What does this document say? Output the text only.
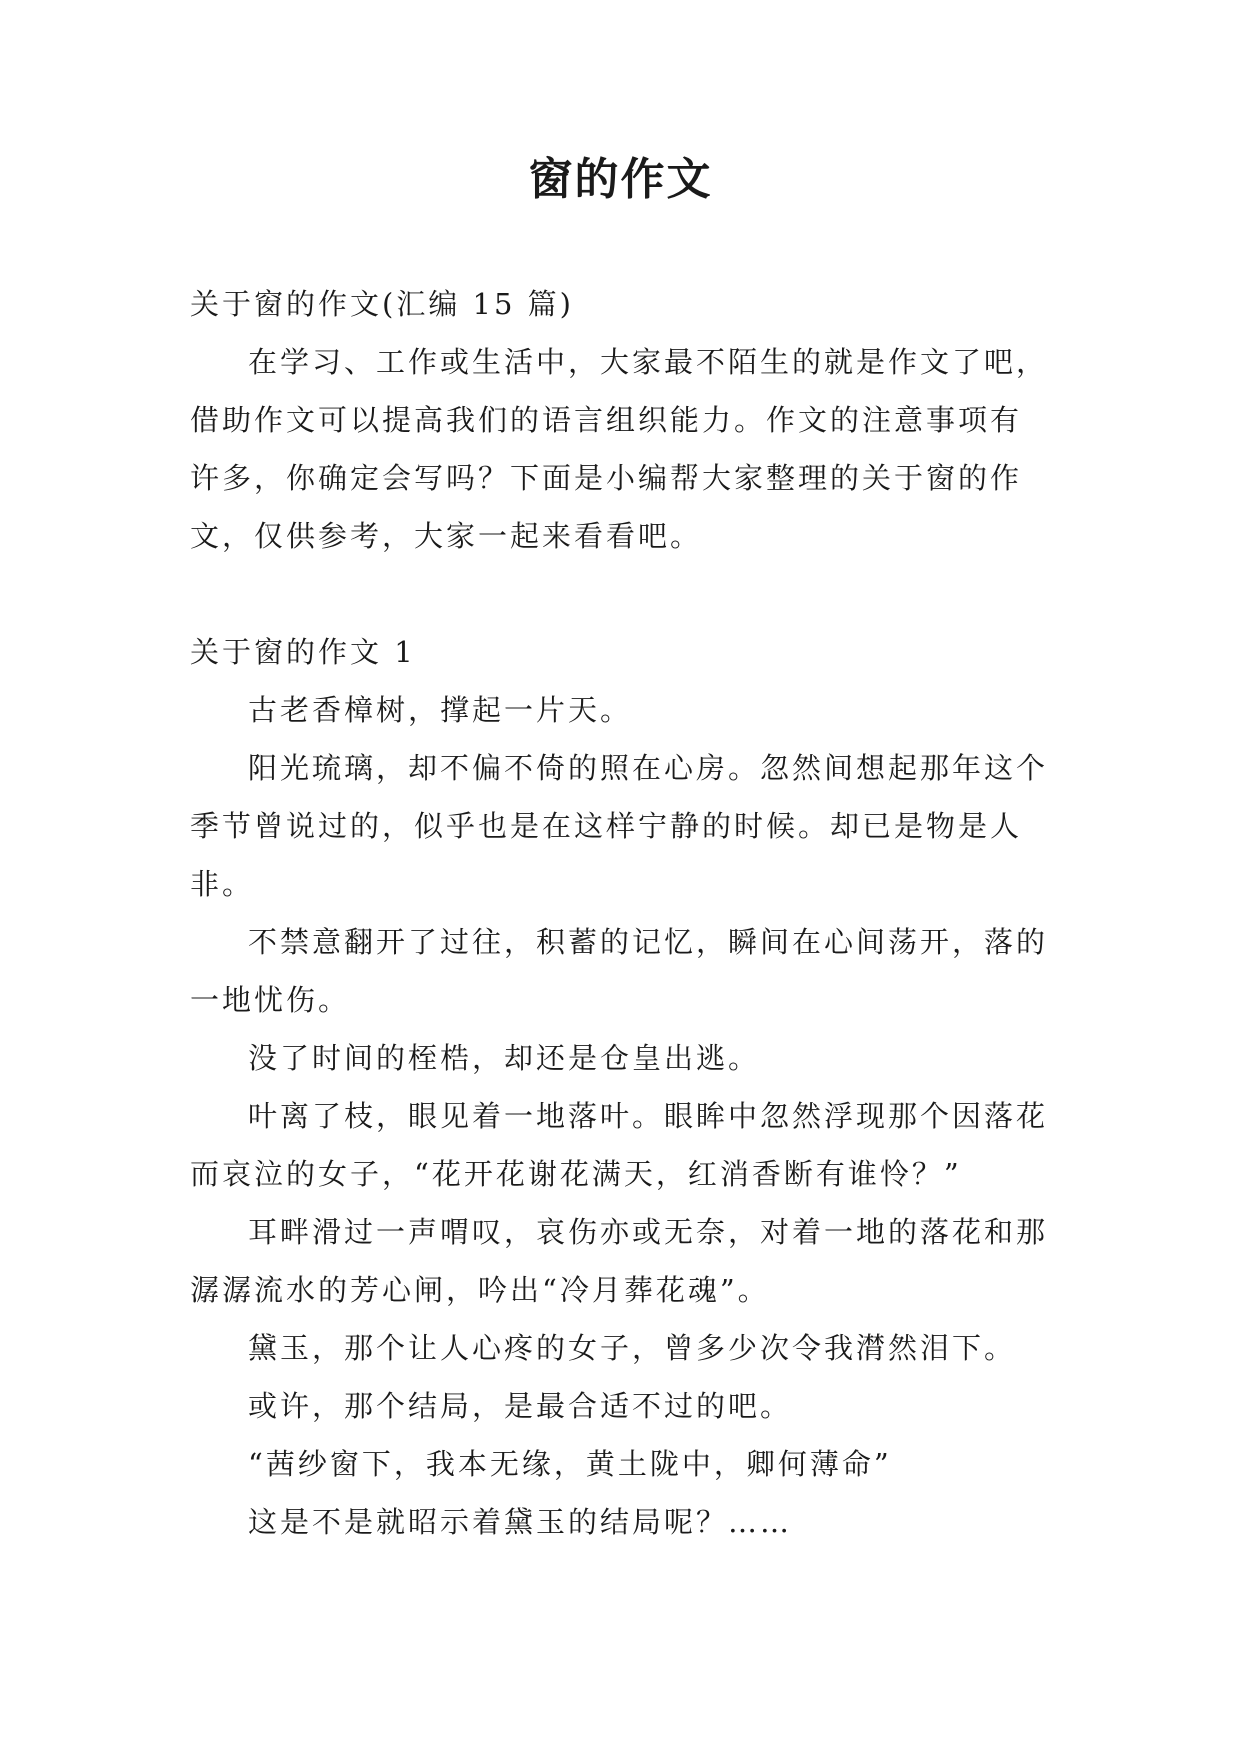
窗的作文

关于窗的作文(汇编 15 篇)

在学习、工作或生活中，大家最不陌生的就是作文了吧，借助作文可以提高我们的语言组织能力。作文的注意事项有许多，你确定会写吗？下面是小编帮大家整理的关于窗的作文，仅供参考，大家一起来看看吧。

关于窗的作文 1

古老香樟树，撑起一片天。

阳光琉璃，却不偏不倚的照在心房。忽然间想起那年这个季节曾说过的，似乎也是在这样宁静的时候。却已是物是人非。

不禁意翻开了过往，积蓄的记忆，瞬间在心间荡开，落的一地忧伤。

没了时间的桎梏，却还是仓皇出逃。

叶离了枝，眼见着一地落叶。眼眸中忽然浮现那个因落花而哀泣的女子，“花开花谢花满天，红消香断有谁怜？”

耳畔滑过一声喟叹，哀伤亦或无奈，对着一地的落花和那潺潺流水的芳心闸，吟出“冷月葬花魂”。

黛玉，那个让人心疼的女子，曾多少次令我潸然泪下。

或许，那个结局，是最合适不过的吧。

“茜纱窗下，我本无缘，黄土陇中，卿何薄命”

这是不是就昭示着黛玉的结局呢？……
